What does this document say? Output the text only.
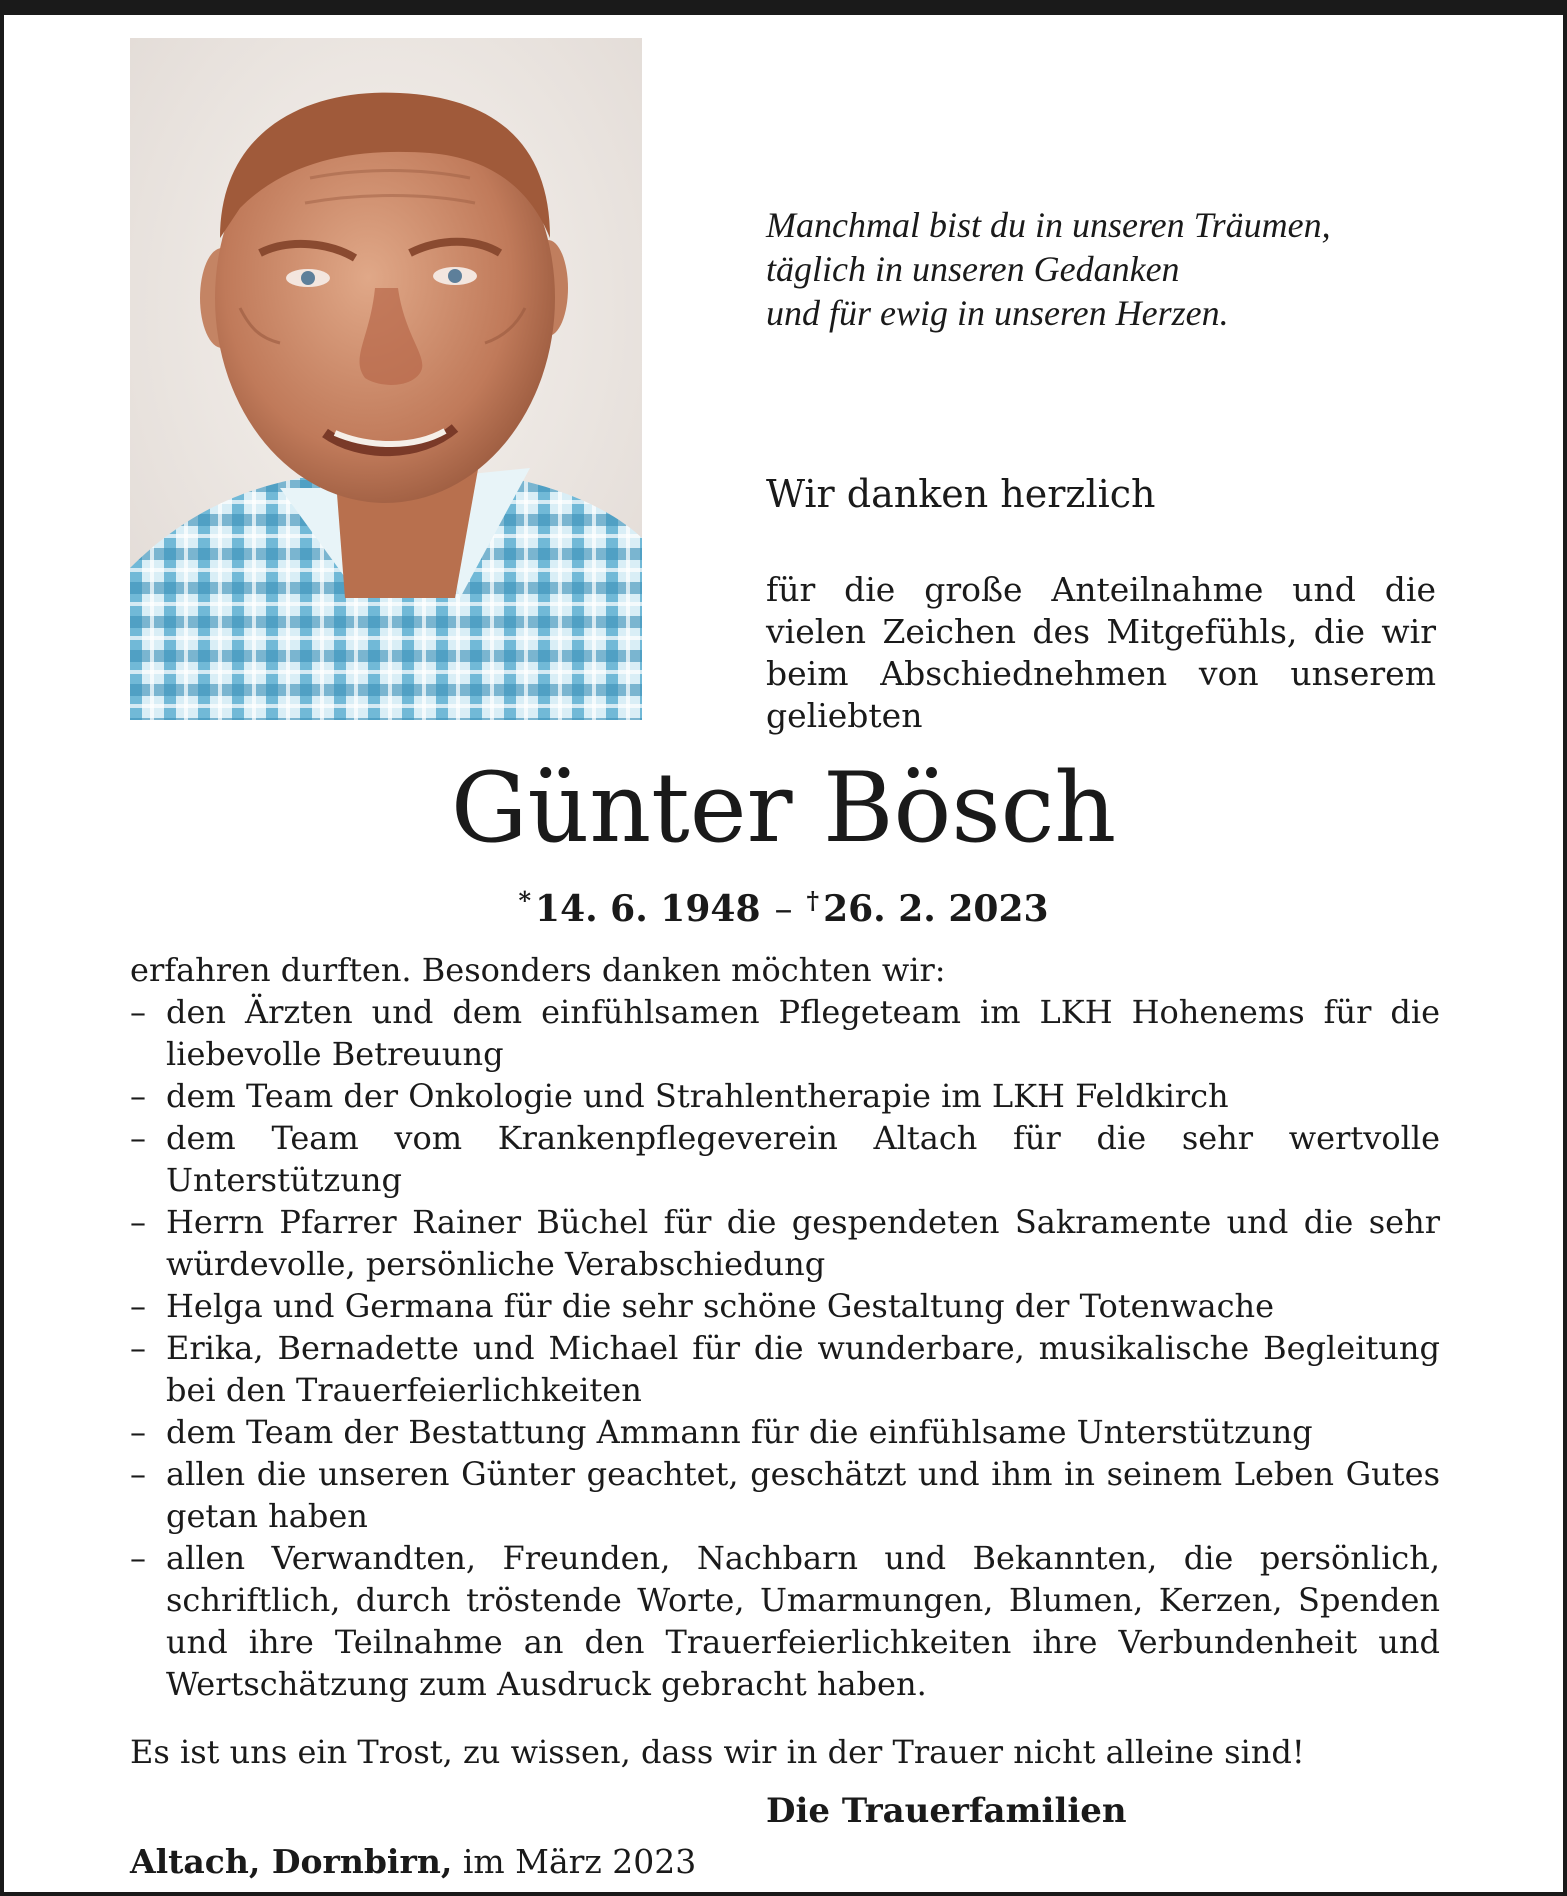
Manchmal bist du in unseren Träumen,
täglich in unseren Gedanken
und für ewig in unseren Herzen.
Wir danken herzlich
für die große Anteilnahme und die vielen Zeichen des Mitgefühls, die wir beim Abschiednehmen von unserem geliebten
Günter Bösch
* 14. 6. 1948 – † 26. 2. 2023
erfahren durften. Besonders danken möchten wir:
– den Ärzten und dem einfühlsamen Pflegeteam im LKH Hohenems für die liebevolle Betreuung
– dem Team der Onkologie und Strahlentherapie im LKH Feldkirch
– dem Team vom Krankenpflegeverein Altach für die sehr wertvolle Unterstützung
– Herrn Pfarrer Rainer Büchel für die gespendeten Sakramente und die sehr würdevolle, persönliche Verabschiedung
– Helga und Germana für die sehr schöne Gestaltung der Totenwache
– Erika, Bernadette und Michael für die wunderbare, musikalische Begleitung bei den Trauerfeierlichkeiten
– dem Team der Bestattung Ammann für die einfühlsame Unterstützung
– allen die unseren Günter geachtet, geschätzt und ihm in seinem Leben Gutes getan haben
– allen Verwandten, Freunden, Nachbarn und Bekannten, die persönlich, schriftlich, durch tröstende Worte, Umarmungen, Blumen, Kerzen, Spenden und ihre Teilnahme an den Trauerfeierlichkeiten ihre Verbundenheit und Wertschätzung zum Ausdruck gebracht haben.
Es ist uns ein Trost, zu wissen, dass wir in der Trauer nicht alleine sind!
Die Trauerfamilien
Altach, Dornbirn, im März 2023
